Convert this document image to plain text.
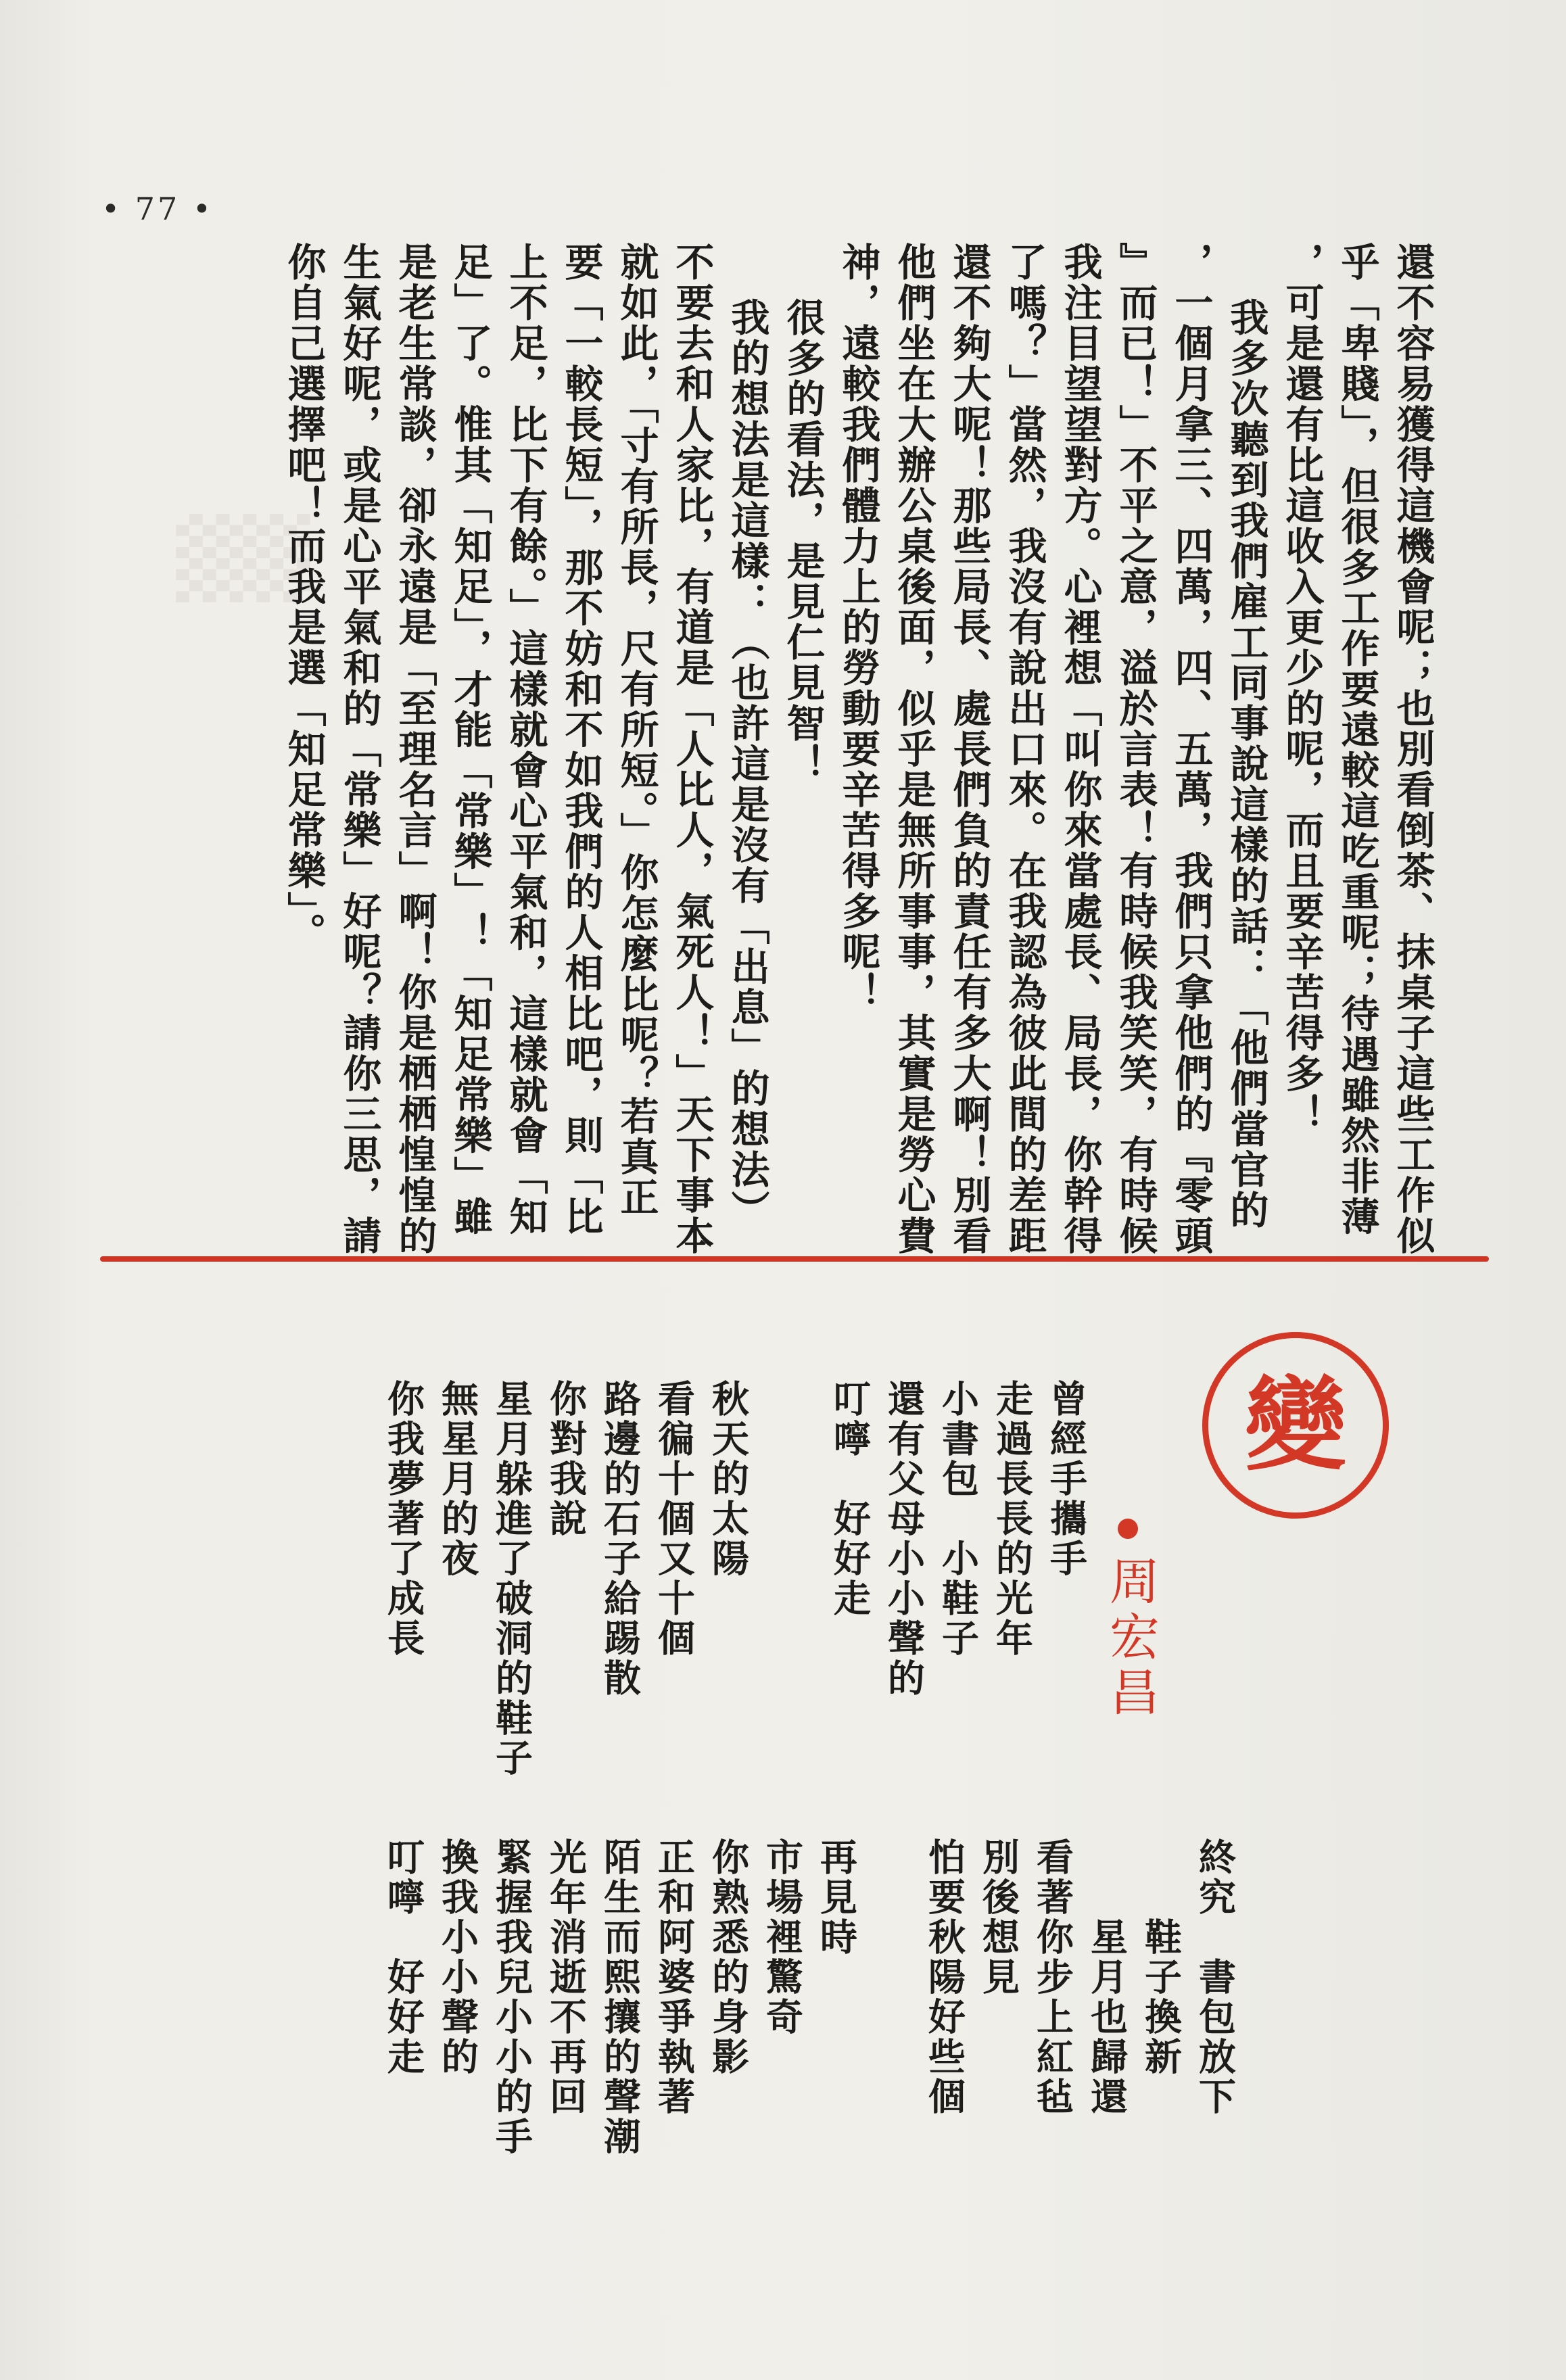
▒
• 77 •
還不容易獲得這機會呢；也別看倒茶、抹桌子這些工作似
乎「卑賤」，但很多工作要遠較這吃重呢；待遇雖然非薄
，可是還有比這收入更少的呢，而且要辛苦得多！
我多次聽到我們雇工同事說這樣的話：「他們當官的
，一個月拿三、四萬，四、五萬，我們只拿他們的『零頭
』而已！」不平之意，溢於言表！有時候我笑笑，有時候
我注目望望對方。心裡想「叫你來當處長、局長，你幹得
了嗎？」當然，我沒有說出口來。在我認為彼此間的差距
還不夠大呢！那些局長、處長們負的責任有多大啊！別看
他們坐在大辦公桌後面，似乎是無所事事，其實是勞心費
神，遠較我們體力上的勞動要辛苦得多呢！
很多的看法，是見仁見智！
我的想法是這樣：（也許這是沒有「出息」的想法）
不要去和人家比，有道是「人比人，氣死人！」天下事本
就如此，「寸有所長，尺有所短。」你怎麼比呢？若真正
要「一較長短」，那不妨和不如我們的人相比吧，則「比
上不足，比下有餘。」這樣就會心平氣和，這樣就會「知
足」了。惟其「知足」，才能「常樂」！「知足常樂」雖
是老生常談，卻永遠是「至理名言」啊！你是栖栖惶惶的
生氣好呢，或是心平氣和的「常樂」好呢？請你三思，請
你自己選擇吧！而我是選「知足常樂」。
變
周宏昌
曾經手攜手
走過長長的光年
小書包　小鞋子
還有父母小小聲的
叮嚀　好好走
秋天的太陽
看徧十個又十個
路邊的石子給踢散
你對我說
星月躲進了破洞的鞋子
無星月的夜
你我夢著了成長
終究　書包放下
　　鞋子換新
　　星月也歸還
看著你步上紅毡
別後想見
怕要秋陽好些個
再見時
市場裡驚奇
你熟悉的身影
正和阿婆爭執著
陌生而熙攘的聲潮
光年消逝不再回
緊握我兒小小的手
換我小小聲的
叮嚀　好好走
